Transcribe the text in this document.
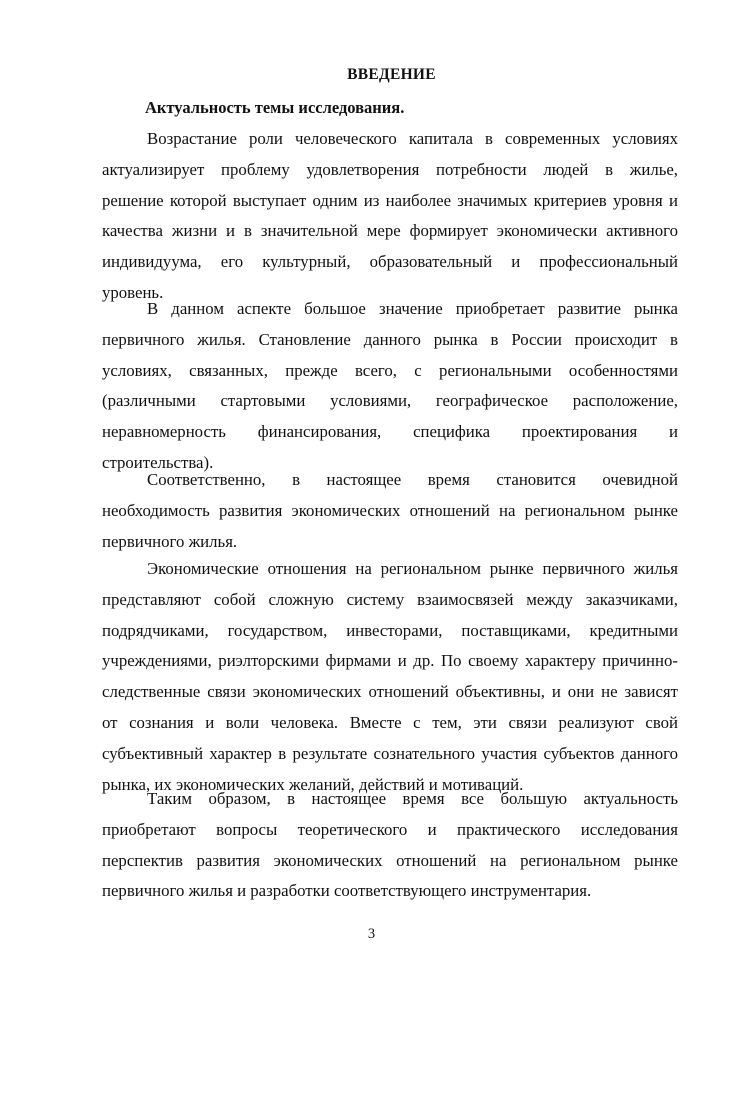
ВВЕДЕНИЕ
Актуальность темы исследования.
Возрастание роли человеческого капитала в современных условиях
актуализирует проблему удовлетворения потребности людей в жилье,
решение которой выступает одним из наиболее значимых критериев уровня и
качества жизни и в значительной мере формирует экономически активного
индивидуума, его культурный, образовательный и профессиональный
уровень.
В данном аспекте большое значение приобретает развитие рынка
первичного жилья. Становление данного рынка в России происходит в
условиях, связанных, прежде всего, с региональными особенностями
(различными стартовыми условиями, географическое расположение,
неравномерность финансирования, специфика проектирования и
строительства).
Соответственно, в настоящее время становится очевидной
необходимость развития экономических отношений на региональном рынке
первичного жилья.
Экономические отношения на региональном рынке первичного жилья
представляют собой сложную систему взаимосвязей между заказчиками,
подрядчиками, государством, инвесторами, поставщиками, кредитными
учреждениями, риэлторскими фирмами и др. По своему характеру причинно-
следственные связи экономических отношений объективны, и они не зависят
от сознания и воли человека. Вместе с тем, эти связи реализуют свой
субъективный характер в результате сознательного участия субъектов данного
рынка, их экономических желаний, действий и мотиваций.
Таким образом, в настоящее время все большую актуальность
приобретают вопросы теоретического и практического исследования
перспектив развития экономических отношений на региональном рынке
первичного жилья и разработки соответствующего инструментария.
3
